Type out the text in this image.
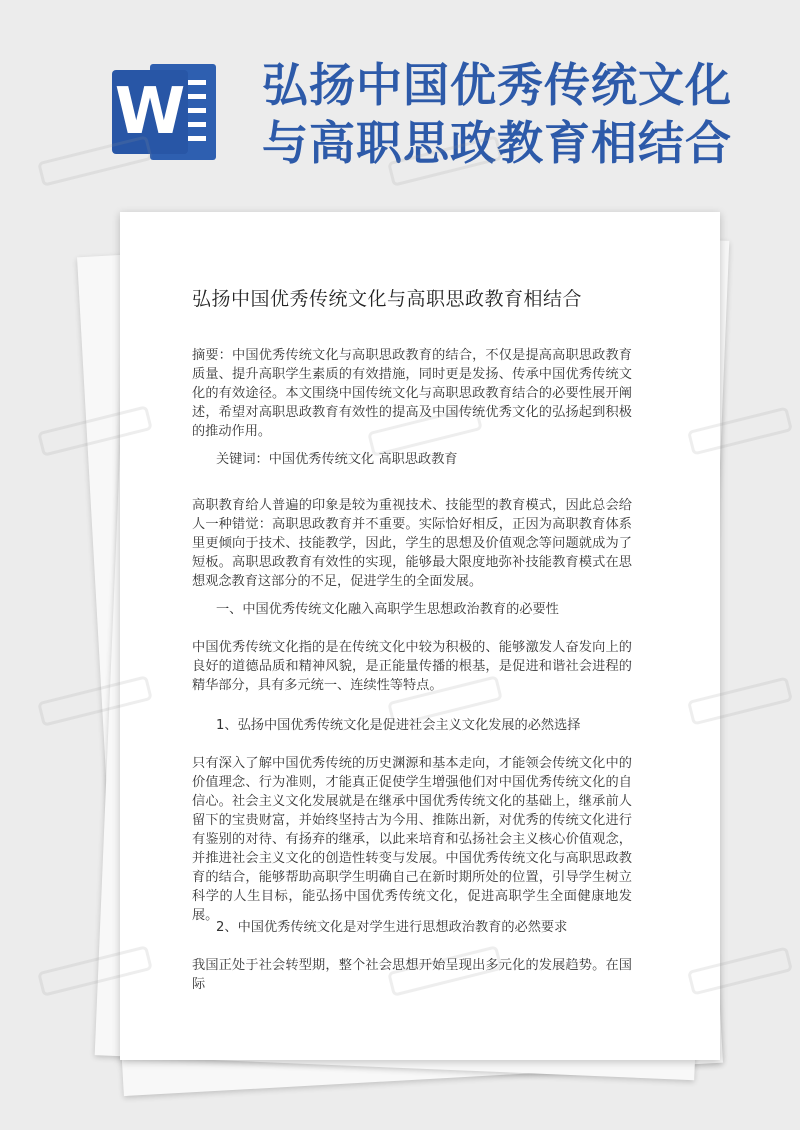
W 弘扬中国优秀传统文化
与高职思政教育相结合
弘扬中国优秀传统文化与高职思政教育相结合
摘要：中国优秀传统文化与高职思政教育的结合，不仅是提高高职思政教育质量、提升高职学生素质的有效措施，同时更是发扬、传承中国优秀传统文化的有效途径。本文围绕中国传统文化与高职思政教育结合的必要性展开阐述，希望对高职思政教育有效性的提高及中国传统优秀文化的弘扬起到积极的推动作用。
关键词：中国优秀传统文化 高职思政教育
高职教育给人普遍的印象是较为重视技术、技能型的教育模式，因此总会给人一种错觉：高职思政教育并不重要。实际恰好相反，正因为高职教育体系里更倾向于技术、技能教学，因此，学生的思想及价值观念等问题就成为了短板。高职思政教育有效性的实现，能够最大限度地弥补技能教育模式在思想观念教育这部分的不足，促进学生的全面发展。
一、中国优秀传统文化融入高职学生思想政治教育的必要性
中国优秀传统文化指的是在传统文化中较为积极的、能够激发人奋发向上的良好的道德品质和精神风貌，是正能量传播的根基，是促进和谐社会进程的精华部分，具有多元统一、连续性等特点。
1、弘扬中国优秀传统文化是促进社会主义文化发展的必然选择
只有深入了解中国优秀传统的历史渊源和基本走向，才能领会传统文化中的价值理念、行为准则，才能真正促使学生增强他们对中国优秀传统文化的自信心。社会主义文化发展就是在继承中国优秀传统文化的基础上，继承前人留下的宝贵财富，并始终坚持古为今用、推陈出新，对优秀的传统文化进行有鉴别的对待、有扬弃的继承，以此来培育和弘扬社会主义核心价值观念，并推进社会主义文化的创造性转变与发展。中国优秀传统文化与高职思政教育的结合，能够帮助高职学生明确自己在新时期所处的位置，引导学生树立科学的人生目标，能弘扬中国优秀传统文化，促进高职学生全面健康地发展。
2、中国优秀传统文化是对学生进行思想政治教育的必然要求
我国正处于社会转型期，整个社会思想开始呈现出多元化的发展趋势。在国际
